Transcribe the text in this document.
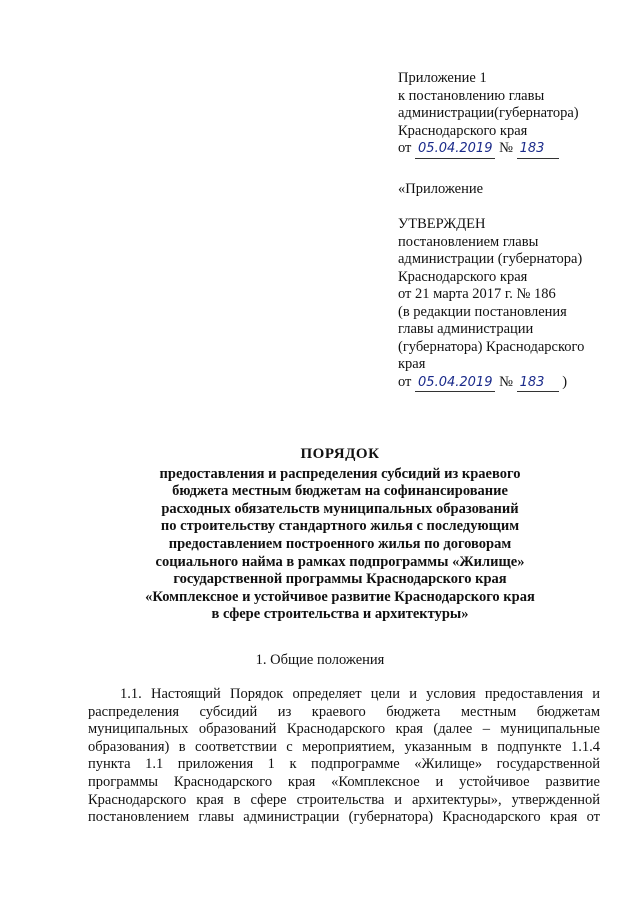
Приложение 1
к постановлению главы
администрации(губернатора)
Краснодарского края
от 05.04.2019 № 183
«Приложение
УТВЕРЖДЕН
постановлением главы
администрации (губернатора)
Краснодарского края
от 21 марта 2017 г. № 186
(в редакции постановления
главы администрации
(губернатора) Краснодарского
края
от 05.04.2019 № 183 )
ПОРЯДОК
предоставления и распределения субсидий из краевого
бюджета местным бюджетам на софинансирование
расходных обязательств муниципальных образований
по строительству стандартного жилья с последующим
предоставлением построенного жилья по договорам
социального найма в рамках подпрограммы «Жилище»
государственной программы Краснодарского края
«Комплексное и устойчивое развитие Краснодарского края
в сфере строительства и архитектуры»
1. Общие положения
1.1. Настоящий Порядок определяет цели и условия предоставления и
распределения субсидий из краевого бюджета местным бюджетам
муниципальных образований Краснодарского края (далее – муниципальные
образования) в соответствии с мероприятием, указанным в подпункте 1.1.4
пункта 1.1 приложения 1 к подпрограмме «Жилище» государственной
программы Краснодарского края «Комплексное и устойчивое развитие
Краснодарского края в сфере строительства и архитектуры», утвержденной
постановлением главы администрации (губернатора) Краснодарского края от
